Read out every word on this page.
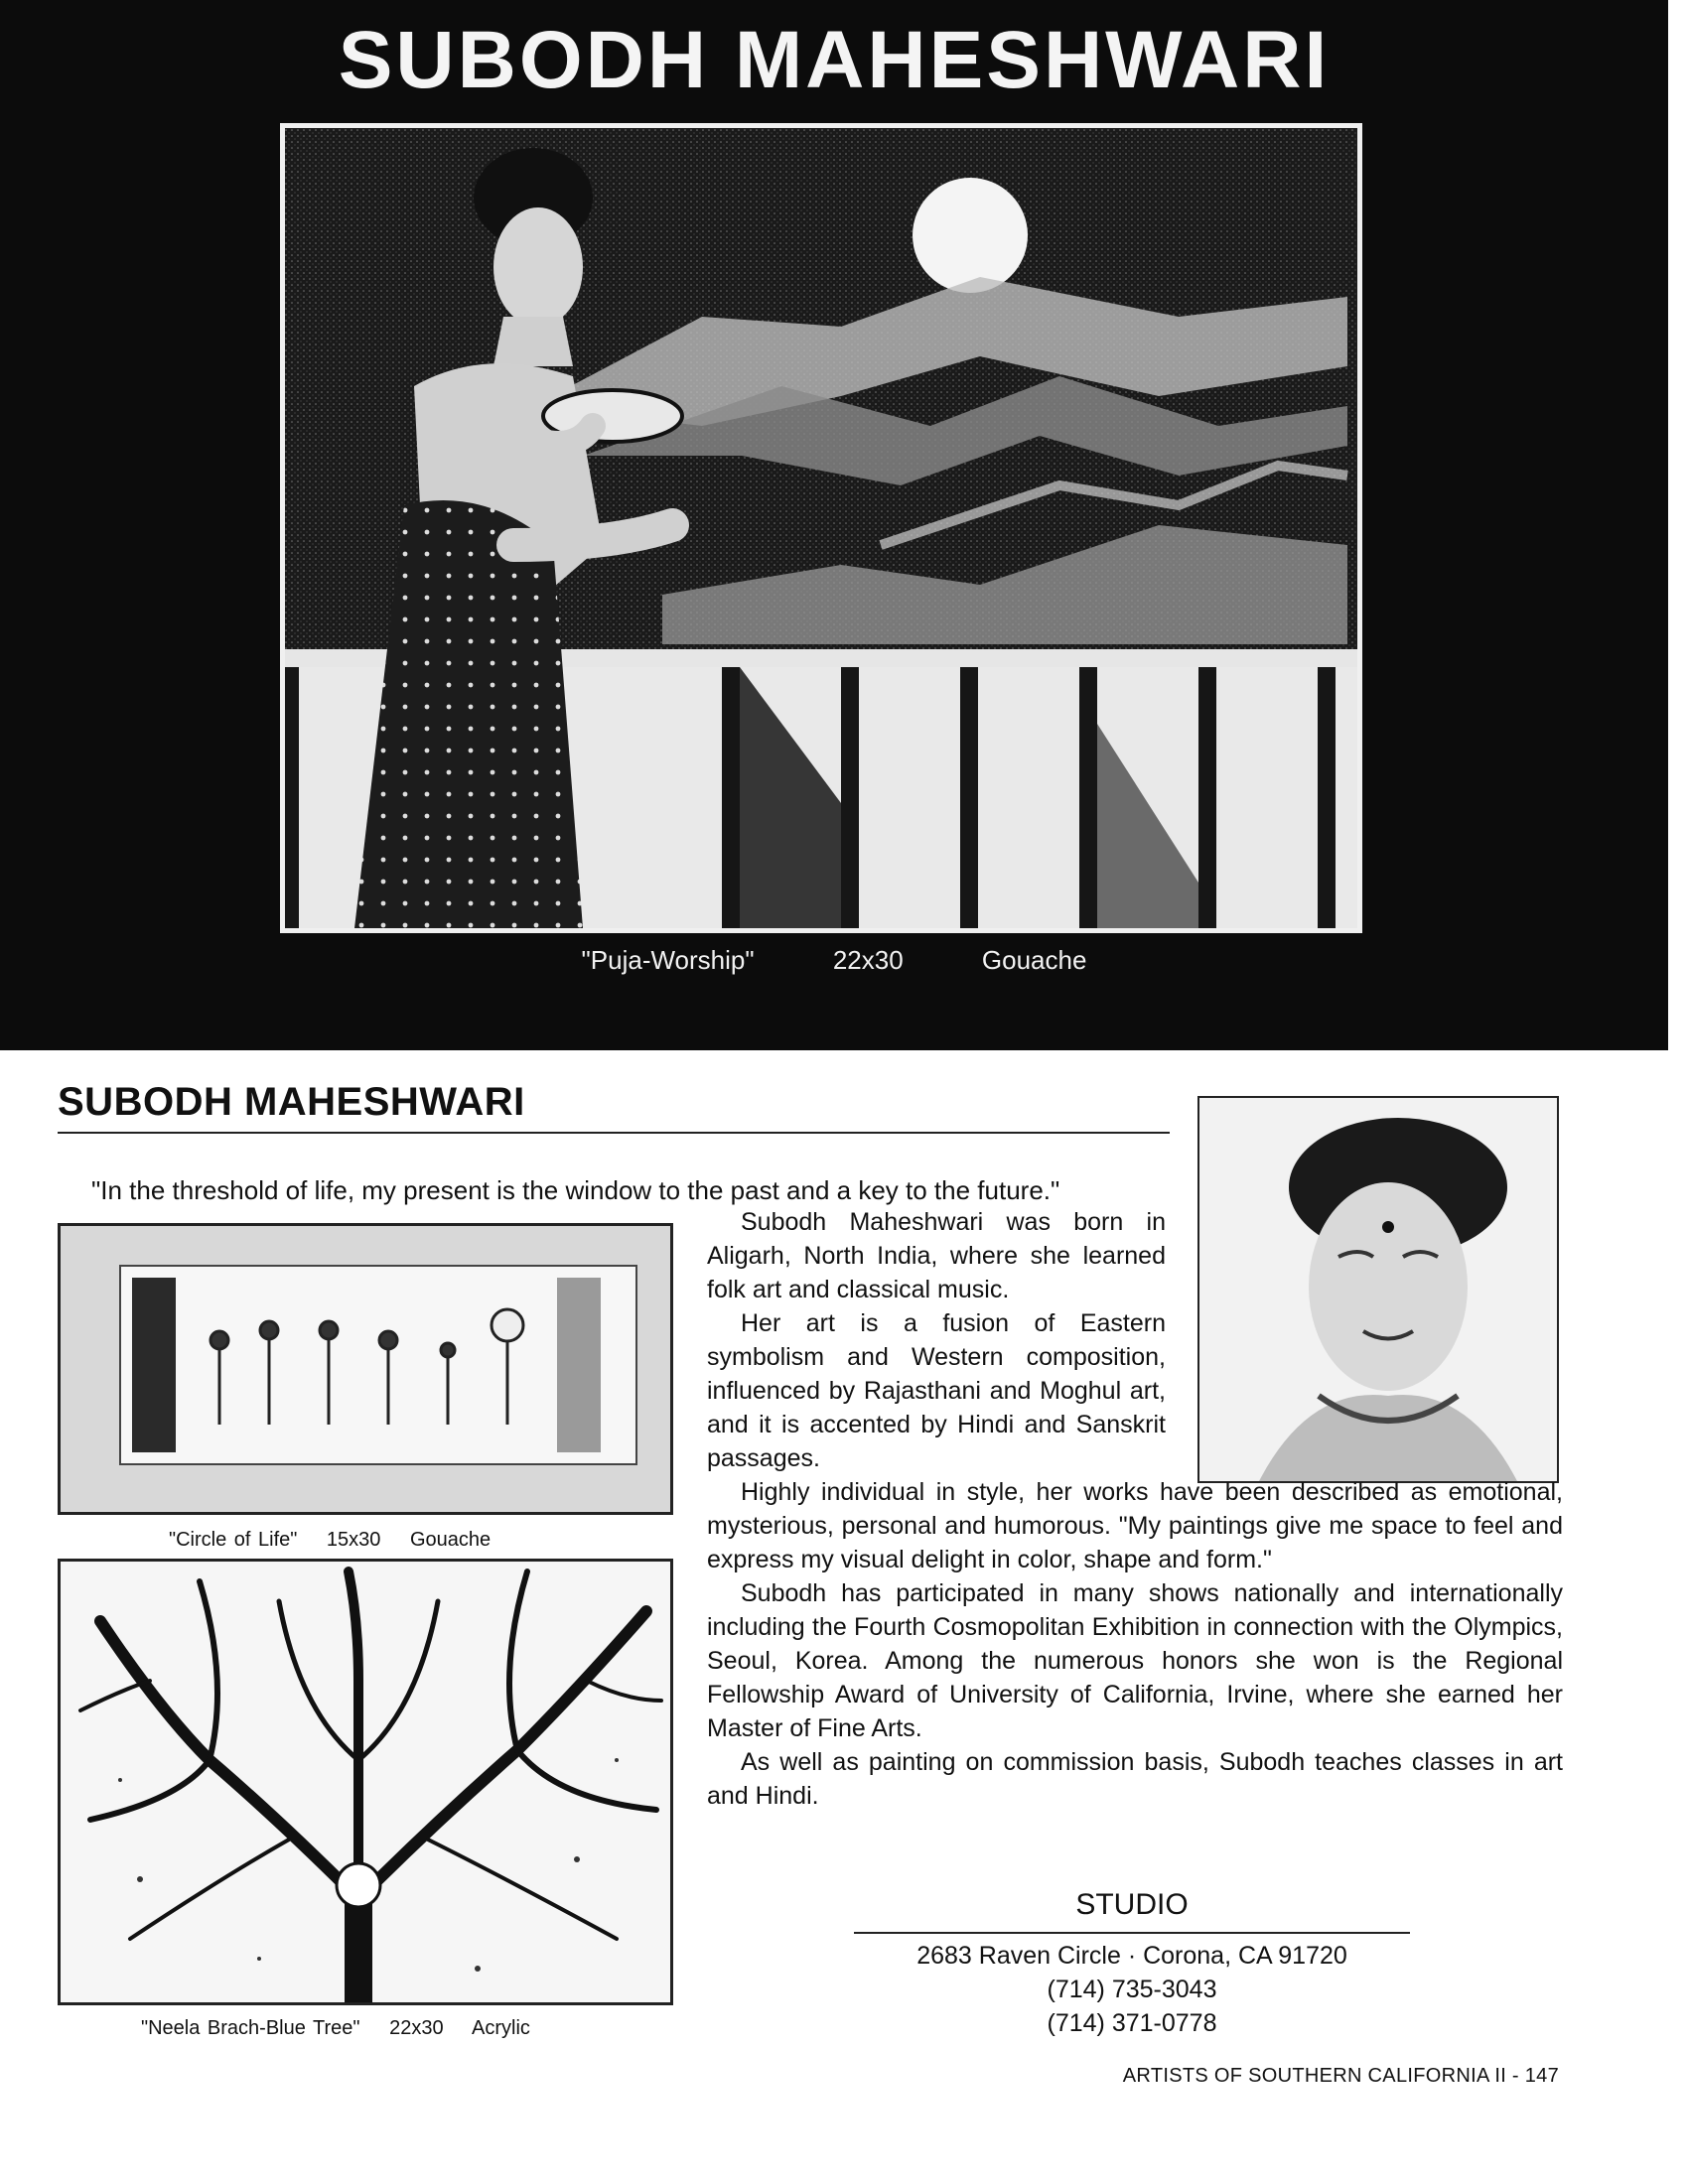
SUBODH MAHESHWARI
"Puja-Worship"	22x30	Gouache
SUBODH MAHESHWARI
"In the threshold of life, my present is the window to the past and a key to the future."
"Circle of Life" 15x30 Gouache
"Neela Brach-Blue Tree" 22x30 Acrylic

Subodh Maheshwari was born in Aligarh, North India, where she learned folk art and classical music.

Her art is a fusion of Eastern symbolism and Western composition, influenced by Rajasthani and Moghul art, and it is accented by Hindi and Sanskrit passages.

Highly individual in style, her works have been described as emotional, mysterious, personal and humorous. "My paintings give me space to feel and express my visual delight in color, shape and form."

Subodh has participated in many shows nationally and internationally including the Fourth Cosmopolitan Exhibition in connection with the Olympics, Seoul, Korea. Among the numerous honors she won is the Regional Fellowship Award of University of California, Irvine, where she earned her Master of Fine Arts.

As well as painting on commission basis, Subodh teaches classes in art and Hindi.

STUDIO
2683 Raven Circle · Corona, CA 91720
(714) 735-3043
(714) 371-0778
ARTISTS OF SOUTHERN CALIFORNIA II - 147
